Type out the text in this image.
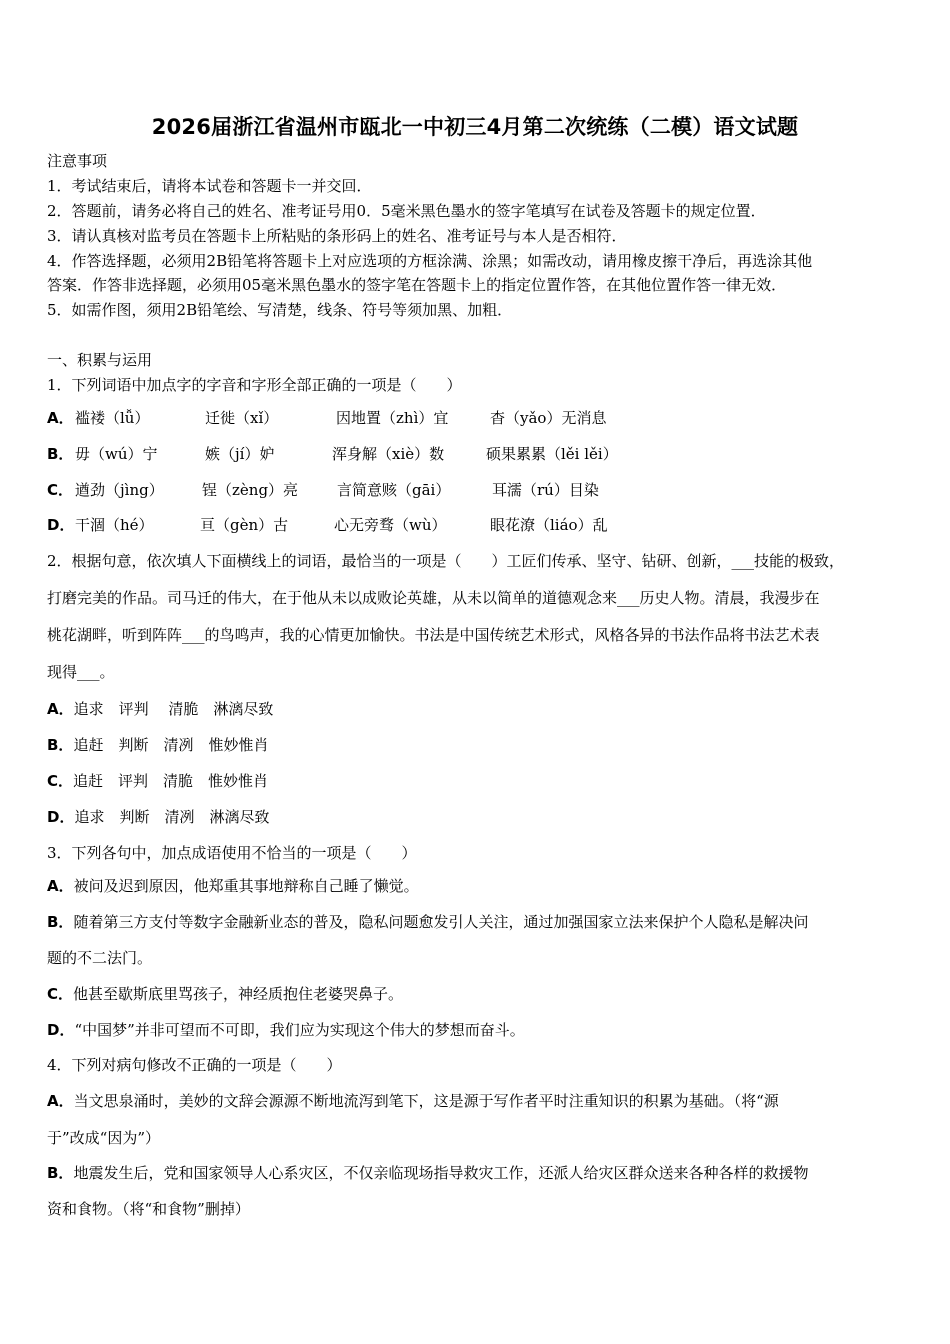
2026届浙江省温州市瓯北一中初三4月第二次统练（二模）语文试题
注意事项
1．考试结束后，请将本试卷和答题卡一并交回．
2．答题前，请务必将自己的姓名、准考证号用0．5毫米黑色墨水的签字笔填写在试卷及答题卡的规定位置．
3．请认真核对监考员在答题卡上所粘贴的条形码上的姓名、准考证号与本人是否相符．
4．作答选择题，必须用2B铅笔将答题卡上对应选项的方框涂满、涂黑；如需改动，请用橡皮擦干净后，再选涂其他
答案．作答非选择题，必须用05毫米黑色墨水的签字笔在答题卡上的指定位置作答，在其他位置作答一律无效．
5．如需作图，须用2B铅笔绘、写清楚，线条、符号等须加黑、加粗．
一、积累与运用
1．下列词语中加点字的字音和字形全部正确的一项是（　　）
A． 褴褛（lǚ）	迁徙（xǐ）	因地置（zhì）宜	杳（yǎo）无消息
B． 毋（wú）宁	嫉（jí）妒	浑身解（xiè）数	硕果累累（lěi lěi）
C． 遒劲（jìng）	锃（zèng）亮	言简意赅（gāi）	耳濡（rú）目染
D． 干涸（hé）	亘（gèn）古	心无旁骛（wù）	眼花潦（liáo）乱
2．根据句意，依次填人下面横线上的词语，最恰当的一项是（　　）工匠们传承、坚守、钻研、创新，___技能的极致，
打磨完美的作品。司马迁的伟大，在于他从未以成败论英雄，从未以简单的道德观念来___历史人物。清晨，我漫步在
桃花湖畔，听到阵阵___的鸟鸣声，我的心情更加愉快。书法是中国传统艺术形式，风格各异的书法作品将书法艺术表
现得___。
A．追求　评判　 清脆　淋漓尽致
B．追赶　判断　清冽　惟妙惟肖
C．追赶　评判　清脆　惟妙惟肖
D．追求　判断　清冽　淋漓尽致
3．下列各句中，加点成语使用不恰当的一项是（　　）
A．被问及迟到原因，他郑重其事地辩称自己睡了懒觉。
B．随着第三方支付等数字金融新业态的普及，隐私问题愈发引人关注，通过加强国家立法来保护个人隐私是解决问
题的不二法门。
C．他甚至歇斯底里骂孩子，神经质抱住老婆哭鼻子。
D．“中国梦”并非可望而不可即，我们应为实现这个伟大的梦想而奋斗。
4．下列对病句修改不正确的一项是（　　）
A．当文思泉涌时，美妙的文辞会源源不断地流泻到笔下，这是源于写作者平时注重知识的积累为基础。（将“源
于”改成“因为”）
B．地震发生后，党和国家领导人心系灾区，不仅亲临现场指导救灾工作，还派人给灾区群众送来各种各样的救援物
资和食物。（将“和食物”删掉）
